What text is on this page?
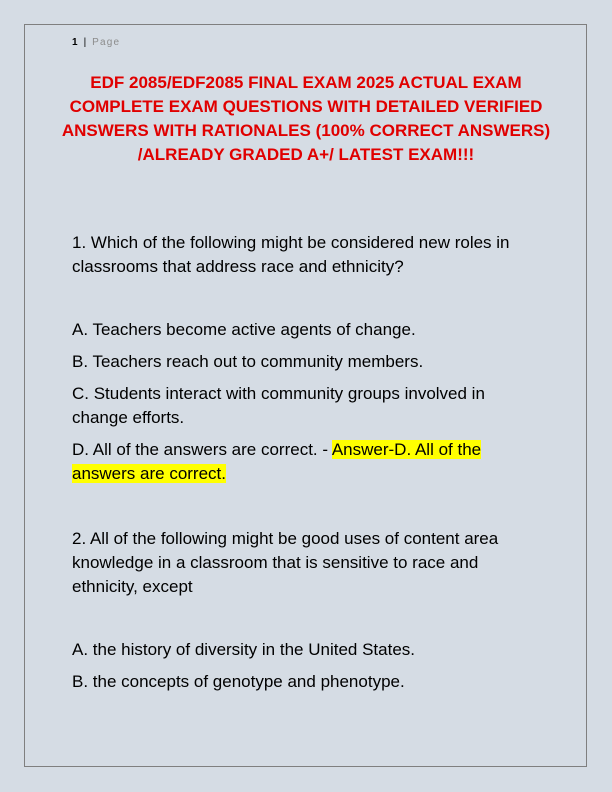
1 | Page
EDF 2085/EDF2085 FINAL EXAM 2025 ACTUAL EXAM COMPLETE EXAM QUESTIONS WITH DETAILED VERIFIED ANSWERS WITH RATIONALES (100% CORRECT ANSWERS) /ALREADY GRADED A+/ LATEST EXAM!!!

1. Which of the following might be considered new roles in classrooms that address race and ethnicity?

A. Teachers become active agents of change.

B. Teachers reach out to community members.

C. Students interact with community groups involved in change efforts.

D. All of the answers are correct. - Answer-D. All of the answers are correct.

2. All of the following might be good uses of content area knowledge in a classroom that is sensitive to race and ethnicity, except

A. the history of diversity in the United States.

B. the concepts of genotype and phenotype.
